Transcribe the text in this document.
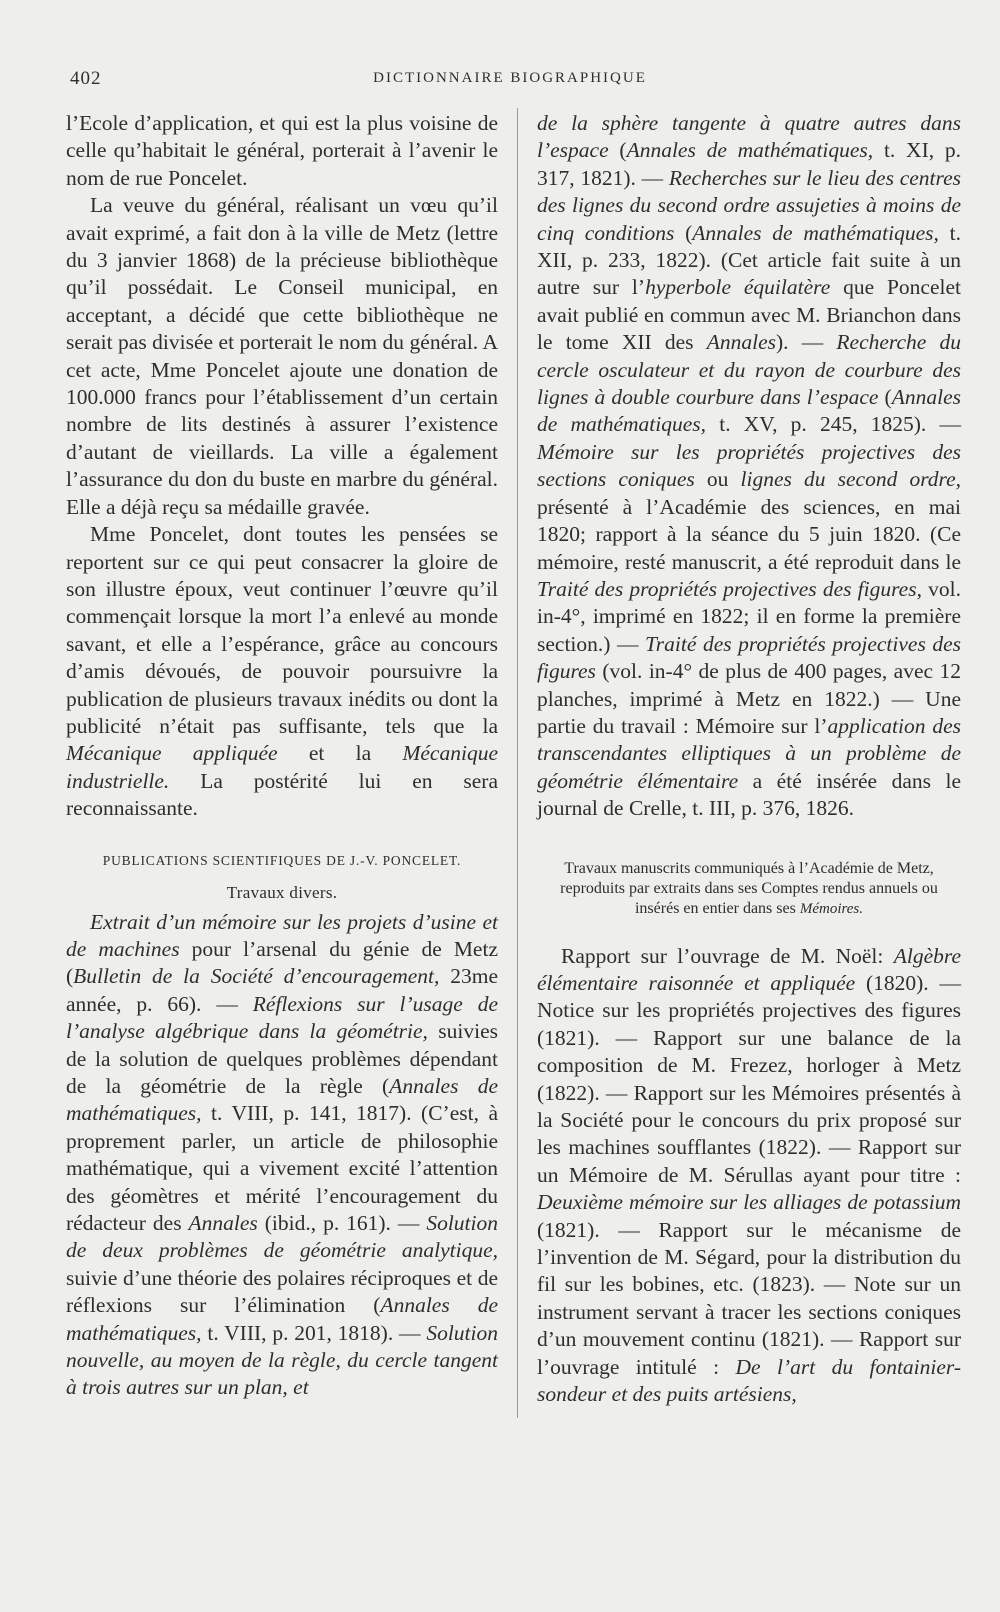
402	DICTIONNAIRE BIOGRAPHIQUE

l’Ecole d’application, et qui est la plus voisine de celle qu’habitait le général, porterait à l’avenir le nom de rue Poncelet.

La veuve du général, réalisant un vœu qu’il avait exprimé, a fait don à la ville de Metz (lettre du 3 janvier 1868) de la précieuse bibliothèque qu’il possédait. Le Conseil municipal, en acceptant, a décidé que cette bibliothèque ne serait pas divisée et porterait le nom du général. A cet acte, Mme Poncelet ajoute une donation de 100.000 francs pour l’établissement d’un certain nombre de lits destinés à assurer l’existence d’autant de vieillards. La ville a également l’assurance du don du buste en marbre du général. Elle a déjà reçu sa médaille gravée.

Mme Poncelet, dont toutes les pensées se reportent sur ce qui peut consacrer la gloire de son illustre époux, veut continuer l’œuvre qu’il commençait lorsque la mort l’a enlevé au monde savant, et elle a l’espérance, grâce au concours d’amis dévoués, de pouvoir poursuivre la publication de plusieurs travaux inédits ou dont la publicité n’était pas suffisante, tels que la Mécanique appliquée et la Mécanique industrielle. La postérité lui en sera reconnaissante.

PUBLICATIONS SCIENTIFIQUES DE J.-V. PONCELET.
Travaux divers.

Extrait d’un mémoire sur les projets d’usine et de machines pour l’arsenal du génie de Metz (Bulletin de la Société d’encouragement, 23me année, p. 66). — Réflexions sur l’usage de l’analyse algébrique dans la géométrie, suivies de la solution de quelques problèmes dépendant de la géométrie de la règle (Annales de mathématiques, t. VIII, p. 141, 1817). (C’est, à proprement parler, un article de philosophie mathématique, qui a vivement excité l’attention des géomètres et mérité l’encouragement du rédacteur des Annales (ibid., p. 161). — Solution de deux problèmes de géométrie analytique, suivie d’une théorie des polaires réciproques et de réflexions sur l’élimination (Annales de mathématiques, t. VIII, p. 201, 1818). — Solution nouvelle, au moyen de la règle, du cercle tangent à trois autres sur un plan, et

de la sphère tangente à quatre autres dans l’espace (Annales de mathématiques, t. XI, p. 317, 1821). — Recherches sur le lieu des centres des lignes du second ordre assujeties à moins de cinq conditions (Annales de mathématiques, t. XII, p. 233, 1822). (Cet article fait suite à un autre sur l’hyperbole équilatère que Poncelet avait publié en commun avec M. Brianchon dans le tome XII des Annales). — Recherche du cercle osculateur et du rayon de courbure des lignes à double courbure dans l’espace (Annales de mathématiques, t. XV, p. 245, 1825). — Mémoire sur les propriétés projectives des sections coniques ou lignes du second ordre, présenté à l’Académie des sciences, en mai 1820; rapport à la séance du 5 juin 1820. (Ce mémoire, resté manuscrit, a été reproduit dans le Traité des propriétés projectives des figures, vol. in-4°, imprimé en 1822; il en forme la première section.) — Traité des propriétés projectives des figures (vol. in-4° de plus de 400 pages, avec 12 planches, imprimé à Metz en 1822.) — Une partie du travail : Mémoire sur l’application des transcendantes elliptiques à un problème de géométrie élémentaire a été insérée dans le journal de Crelle, t. III, p. 376, 1826.

Travaux manuscrits communiqués à l’Académie de Metz, reproduits par extraits dans ses Comptes rendus annuels ou insérés en entier dans ses Mémoires.

Rapport sur l’ouvrage de M. Noël: Algèbre élémentaire raisonnée et appliquée (1820). — Notice sur les propriétés projectives des figures (1821). — Rapport sur une balance de la composition de M. Frezez, horloger à Metz (1822). — Rapport sur les Mémoires présentés à la Société pour le concours du prix proposé sur les machines soufflantes (1822). — Rapport sur un Mémoire de M. Sérullas ayant pour titre : Deuxième mémoire sur les alliages de potassium (1821). — Rapport sur le mécanisme de l’invention de M. Ségard, pour la distribution du fil sur les bobines, etc. (1823). — Note sur un instrument servant à tracer les sections coniques d’un mouvement continu (1821). — Rapport sur l’ouvrage intitulé : De l’art du fontainier-sondeur et des puits artésiens,
